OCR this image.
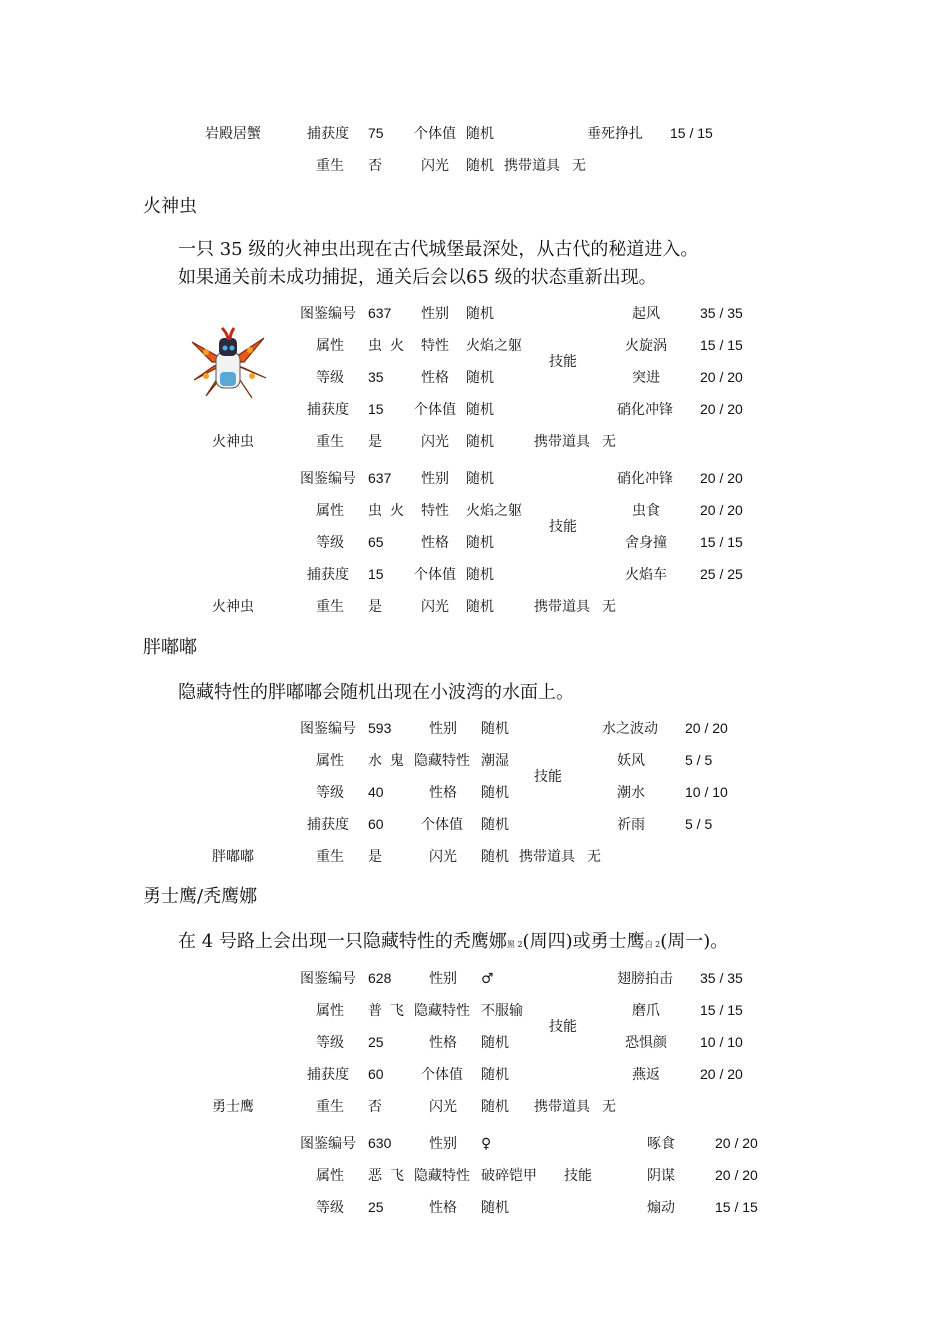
岩殿居蟹	捕获度 75 个体值 随机	垂死挣扎 15 / 15
重生 否	闪光 随机 携带道具 无
火神虫
一只 35 级的火神虫出现在古代城堡最深处，从古代的秘道进入。
如果通关前未成功捕捉，通关后会以65 级的状态重新出现。
图鉴编号 637 性别 随机
属性 虫 火 特性 火焰之躯
等级 35	性格 随机
捕获度 15 个体值 随机
火神虫	重生 是	闪光 随机	携带道具 无
技能
起风	35 / 35
火旋涡 15 / 15
突进	20 / 20
硝化冲锋 20 / 20
图鉴编号 637 性别 随机
属性 虫 火 特性 火焰之躯
等级 65	性格 随机
捕获度 15 个体值 随机
火神虫	重生 是	闪光 随机	携带道具 无
技能
硝化冲锋 20 / 20
虫食	20 / 20
舍身撞 15 / 15
火焰车 25 / 25
胖嘟嘟
隐藏特性的胖嘟嘟会随机出现在小波湾的水面上。
图鉴编号 593	性别 随机
属性 水 鬼 隐藏特性 潮湿
等级 40	性格 随机
捕获度 60	个体值 随机
胖嘟嘟	重生 是	闪光 随机 携带道具 无
技能
水之波动 20 / 20
妖风	5 / 5
潮水	10 / 10
祈雨	5 / 5
勇士鹰/秃鹰娜
在 4 号路上会出现一只隐藏特性的秃鹰娜黑 2(周四)或勇士鹰白 2(周一)。
图鉴编号 628	性别 ♂
属性 普 飞 隐藏特性 不服输
等级 25	性格 随机
捕获度 60	个体值 随机
勇士鹰	重生 否	闪光 随机 携带道具 无
技能
翅膀拍击 35 / 35
磨爪	15 / 15
恐惧颜 10 / 10
燕返	20 / 20
图鉴编号 630	性别 ♀
属性 恶 飞 隐藏特性 破碎铠甲 技能
等级 25	性格 随机
啄食	20 / 20
阴谋	20 / 20
煽动	15 / 15
